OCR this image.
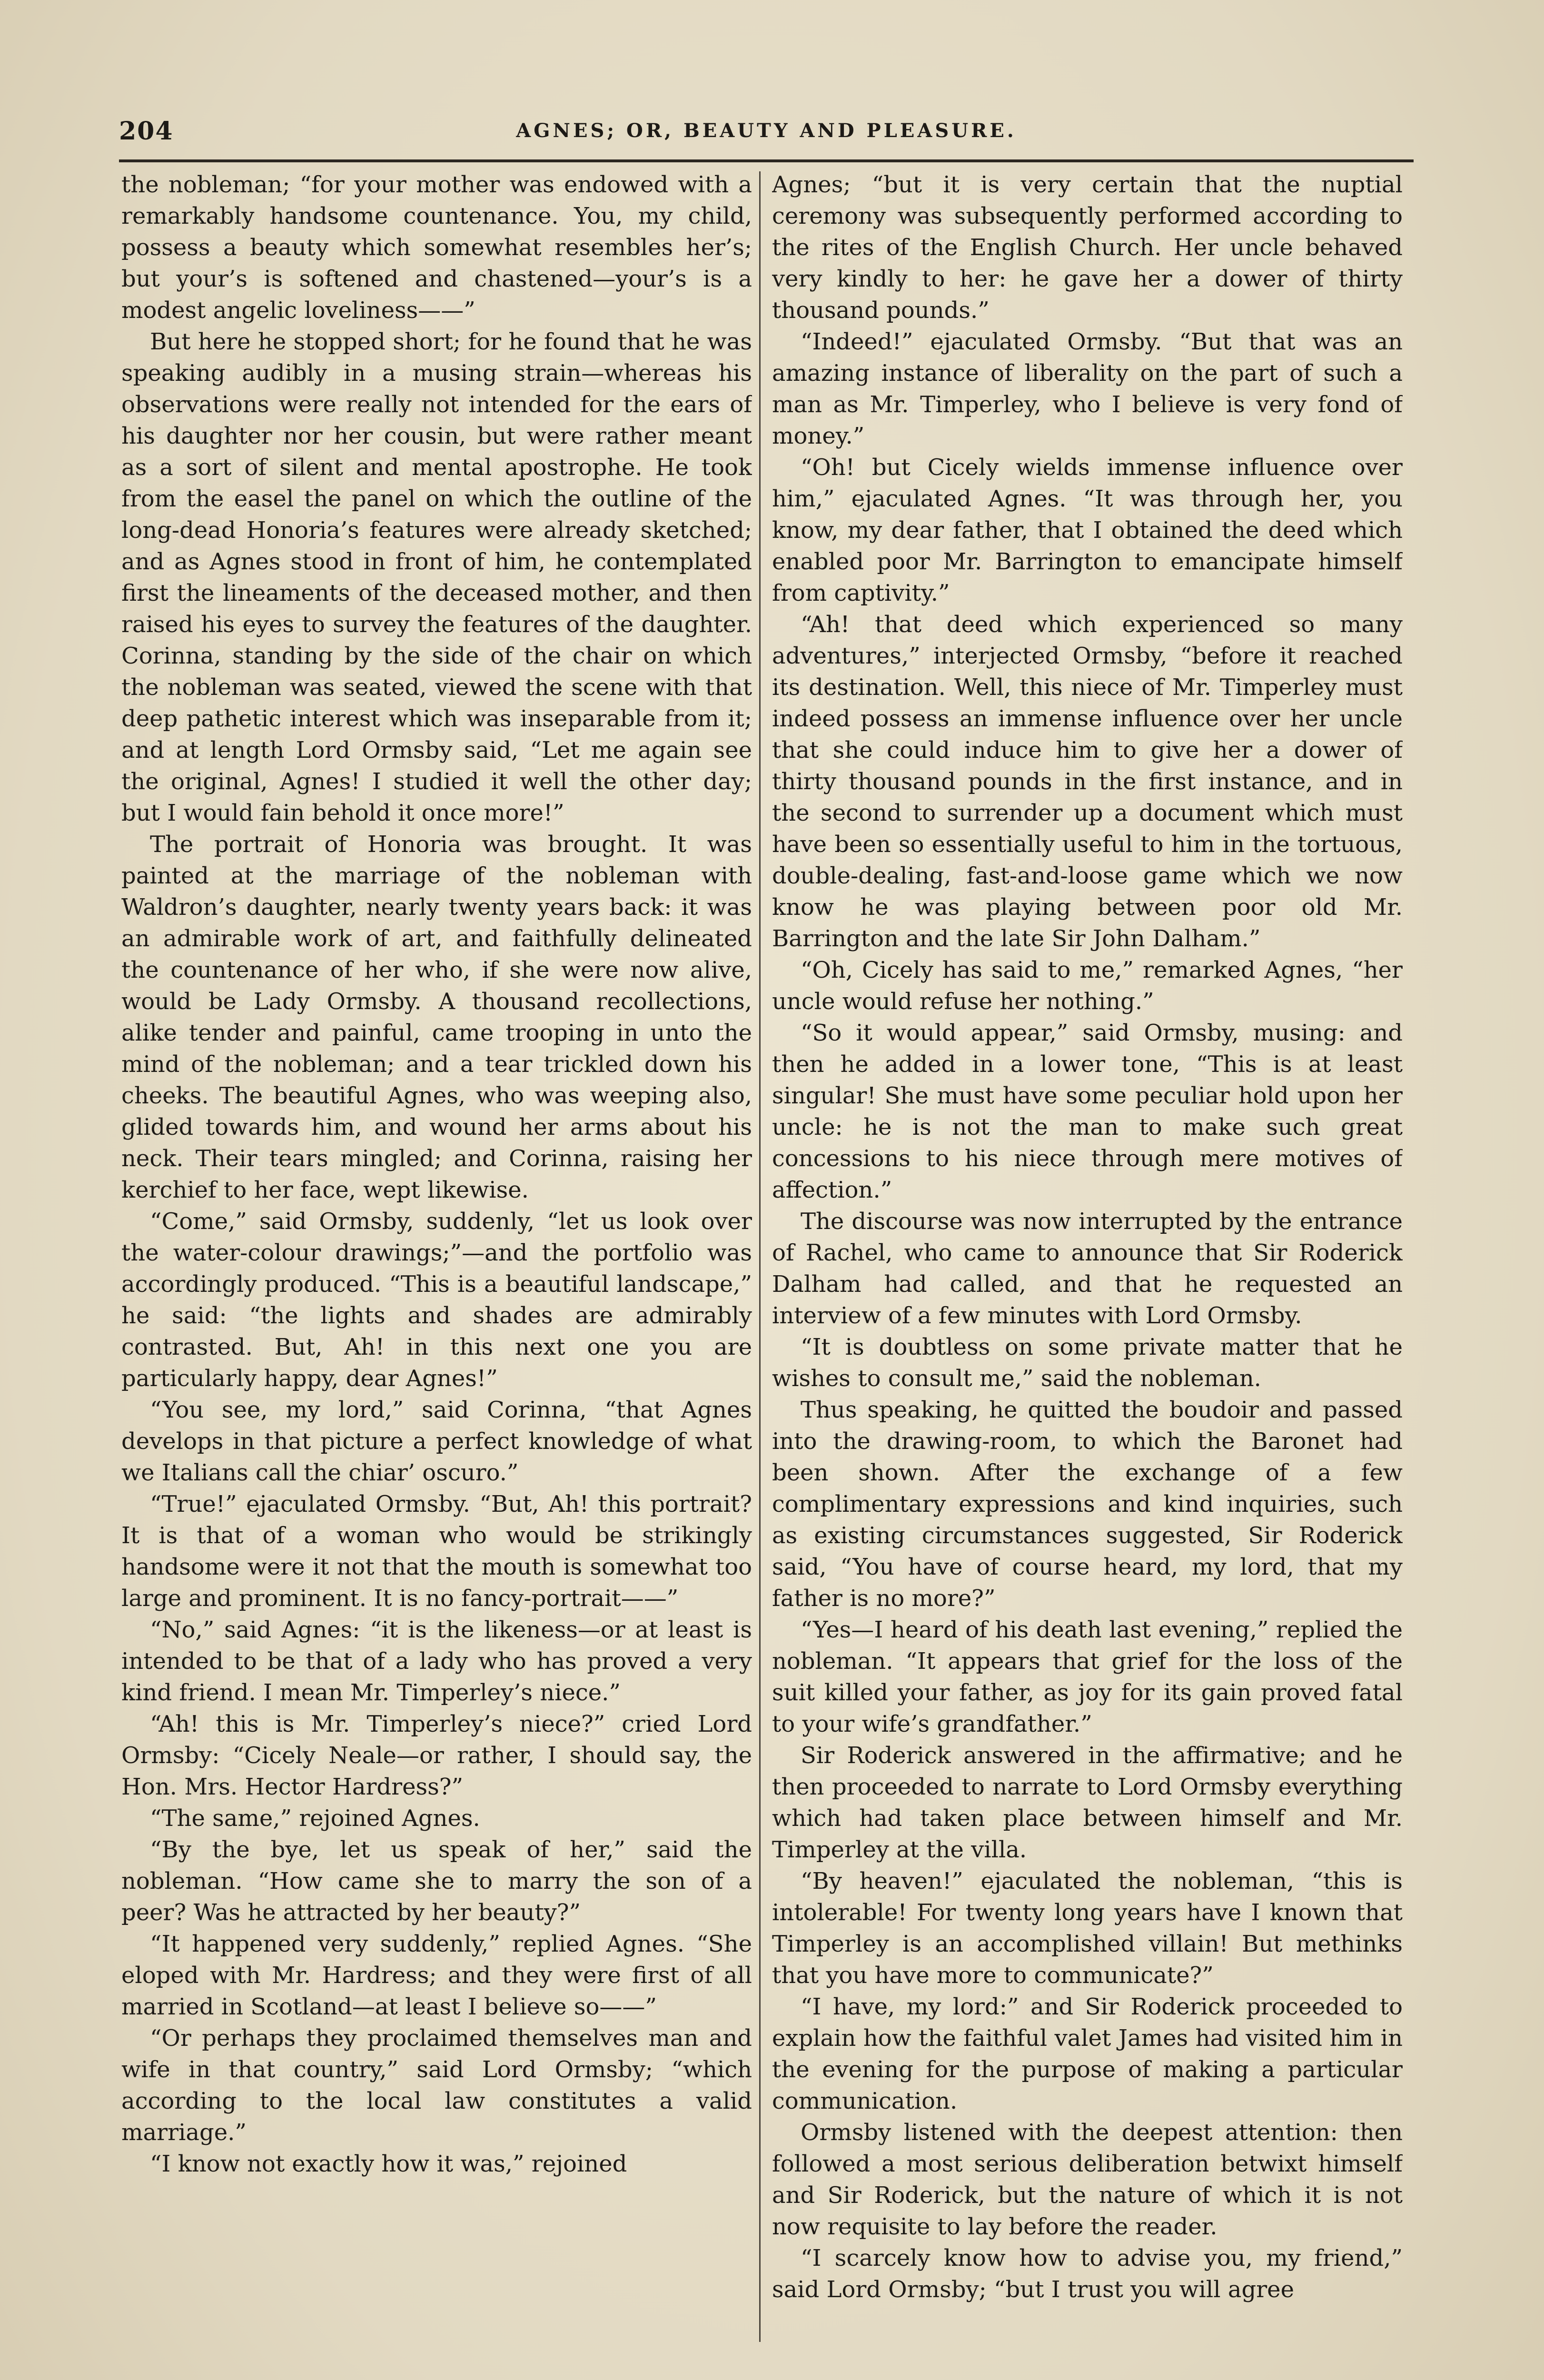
204	AGNES; OR, BEAUTY AND PLEASURE.

the nobleman; “for your mother was endowed with a remarkably handsome countenance. You, my child, possess a beauty which somewhat resembles her’s; but your’s is softened and chastened—your’s is a modest angelic loveliness——”

But here he stopped short; for he found that he was speaking audibly in a musing strain—whereas his observations were really not intended for the ears of his daughter nor her cousin, but were rather meant as a sort of silent and mental apostrophe. He took from the easel the panel on which the outline of the long-dead Honoria’s features were already sketched; and as Agnes stood in front of him, he contemplated first the lineaments of the deceased mother, and then raised his eyes to survey the features of the daughter. Corinna, standing by the side of the chair on which the nobleman was seated, viewed the scene with that deep pathetic interest which was inseparable from it; and at length Lord Ormsby said, “Let me again see the original, Agnes! I studied it well the other day; but I would fain behold it once more!”

The portrait of Honoria was brought. It was painted at the marriage of the nobleman with Waldron’s daughter, nearly twenty years back: it was an admirable work of art, and faithfully delineated the countenance of her who, if she were now alive, would be Lady Ormsby. A thousand recollections, alike tender and painful, came trooping in unto the mind of the nobleman; and a tear trickled down his cheeks. The beautiful Agnes, who was weeping also, glided towards him, and wound her arms about his neck. Their tears mingled; and Corinna, raising her kerchief to her face, wept likewise.

“Come,” said Ormsby, suddenly, “let us look over the water-colour drawings;”—and the portfolio was accordingly produced. “This is a beautiful landscape,” he said: “the lights and shades are admirably contrasted. But, Ah! in this next one you are particularly happy, dear Agnes!”

“You see, my lord,” said Corinna, “that Agnes develops in that picture a perfect knowledge of what we Italians call the chiar’ oscuro.”

“True!” ejaculated Ormsby. “But, Ah! this portrait? It is that of a woman who would be strikingly handsome were it not that the mouth is somewhat too large and prominent. It is no fancy-portrait——”

“No,” said Agnes: “it is the likeness—or at least is intended to be that of a lady who has proved a very kind friend. I mean Mr. Timperley’s niece.”

“Ah! this is Mr. Timperley’s niece?” cried Lord Ormsby: “Cicely Neale—or rather, I should say, the Hon. Mrs. Hector Hardress?”

“The same,” rejoined Agnes.

“By the bye, let us speak of her,” said the nobleman. “How came she to marry the son of a peer? Was he attracted by her beauty?”

“It happened very suddenly,” replied Agnes. “She eloped with Mr. Hardress; and they were first of all married in Scotland—at least I believe so——”

“Or perhaps they proclaimed themselves man and wife in that country,” said Lord Ormsby; “which according to the local law constitutes a valid marriage.”

“I know not exactly how it was,” rejoined

Agnes; “but it is very certain that the nuptial ceremony was subsequently performed according to the rites of the English Church. Her uncle behaved very kindly to her: he gave her a dower of thirty thousand pounds.”

“Indeed!” ejaculated Ormsby. “But that was an amazing instance of liberality on the part of such a man as Mr. Timperley, who I believe is very fond of money.”

“Oh! but Cicely wields immense influence over him,” ejaculated Agnes. “It was through her, you know, my dear father, that I obtained the deed which enabled poor Mr. Barrington to emancipate himself from captivity.”

“Ah! that deed which experienced so many adventures,” interjected Ormsby, “before it reached its destination. Well, this niece of Mr. Timperley must indeed possess an immense influence over her uncle that she could induce him to give her a dower of thirty thousand pounds in the first instance, and in the second to surrender up a document which must have been so essentially useful to him in the tortuous, double-dealing, fast-and-loose game which we now know he was playing between poor old Mr. Barrington and the late Sir John Dalham.”

“Oh, Cicely has said to me,” remarked Agnes, “her uncle would refuse her nothing.”

“So it would appear,” said Ormsby, musing: and then he added in a lower tone, “This is at least singular! She must have some peculiar hold upon her uncle: he is not the man to make such great concessions to his niece through mere motives of affection.”

The discourse was now interrupted by the entrance of Rachel, who came to announce that Sir Roderick Dalham had called, and that he requested an interview of a few minutes with Lord Ormsby.

“It is doubtless on some private matter that he wishes to consult me,” said the nobleman.

Thus speaking, he quitted the boudoir and passed into the drawing-room, to which the Baronet had been shown. After the exchange of a few complimentary expressions and kind inquiries, such as existing circumstances suggested, Sir Roderick said, “You have of course heard, my lord, that my father is no more?”

“Yes—I heard of his death last evening,” replied the nobleman. “It appears that grief for the loss of the suit killed your father, as joy for its gain proved fatal to your wife’s grandfather.”

Sir Roderick answered in the affirmative; and he then proceeded to narrate to Lord Ormsby everything which had taken place between himself and Mr. Timperley at the villa.

“By heaven!” ejaculated the nobleman, “this is intolerable! For twenty long years have I known that Timperley is an accomplished villain! But methinks that you have more to communicate?”

“I have, my lord:” and Sir Roderick proceeded to explain how the faithful valet James had visited him in the evening for the purpose of making a particular communication.

Ormsby listened with the deepest attention: then followed a most serious deliberation betwixt himself and Sir Roderick, but the nature of which it is not now requisite to lay before the reader.

“I scarcely know how to advise you, my friend,” said Lord Ormsby; “but I trust you will agree
